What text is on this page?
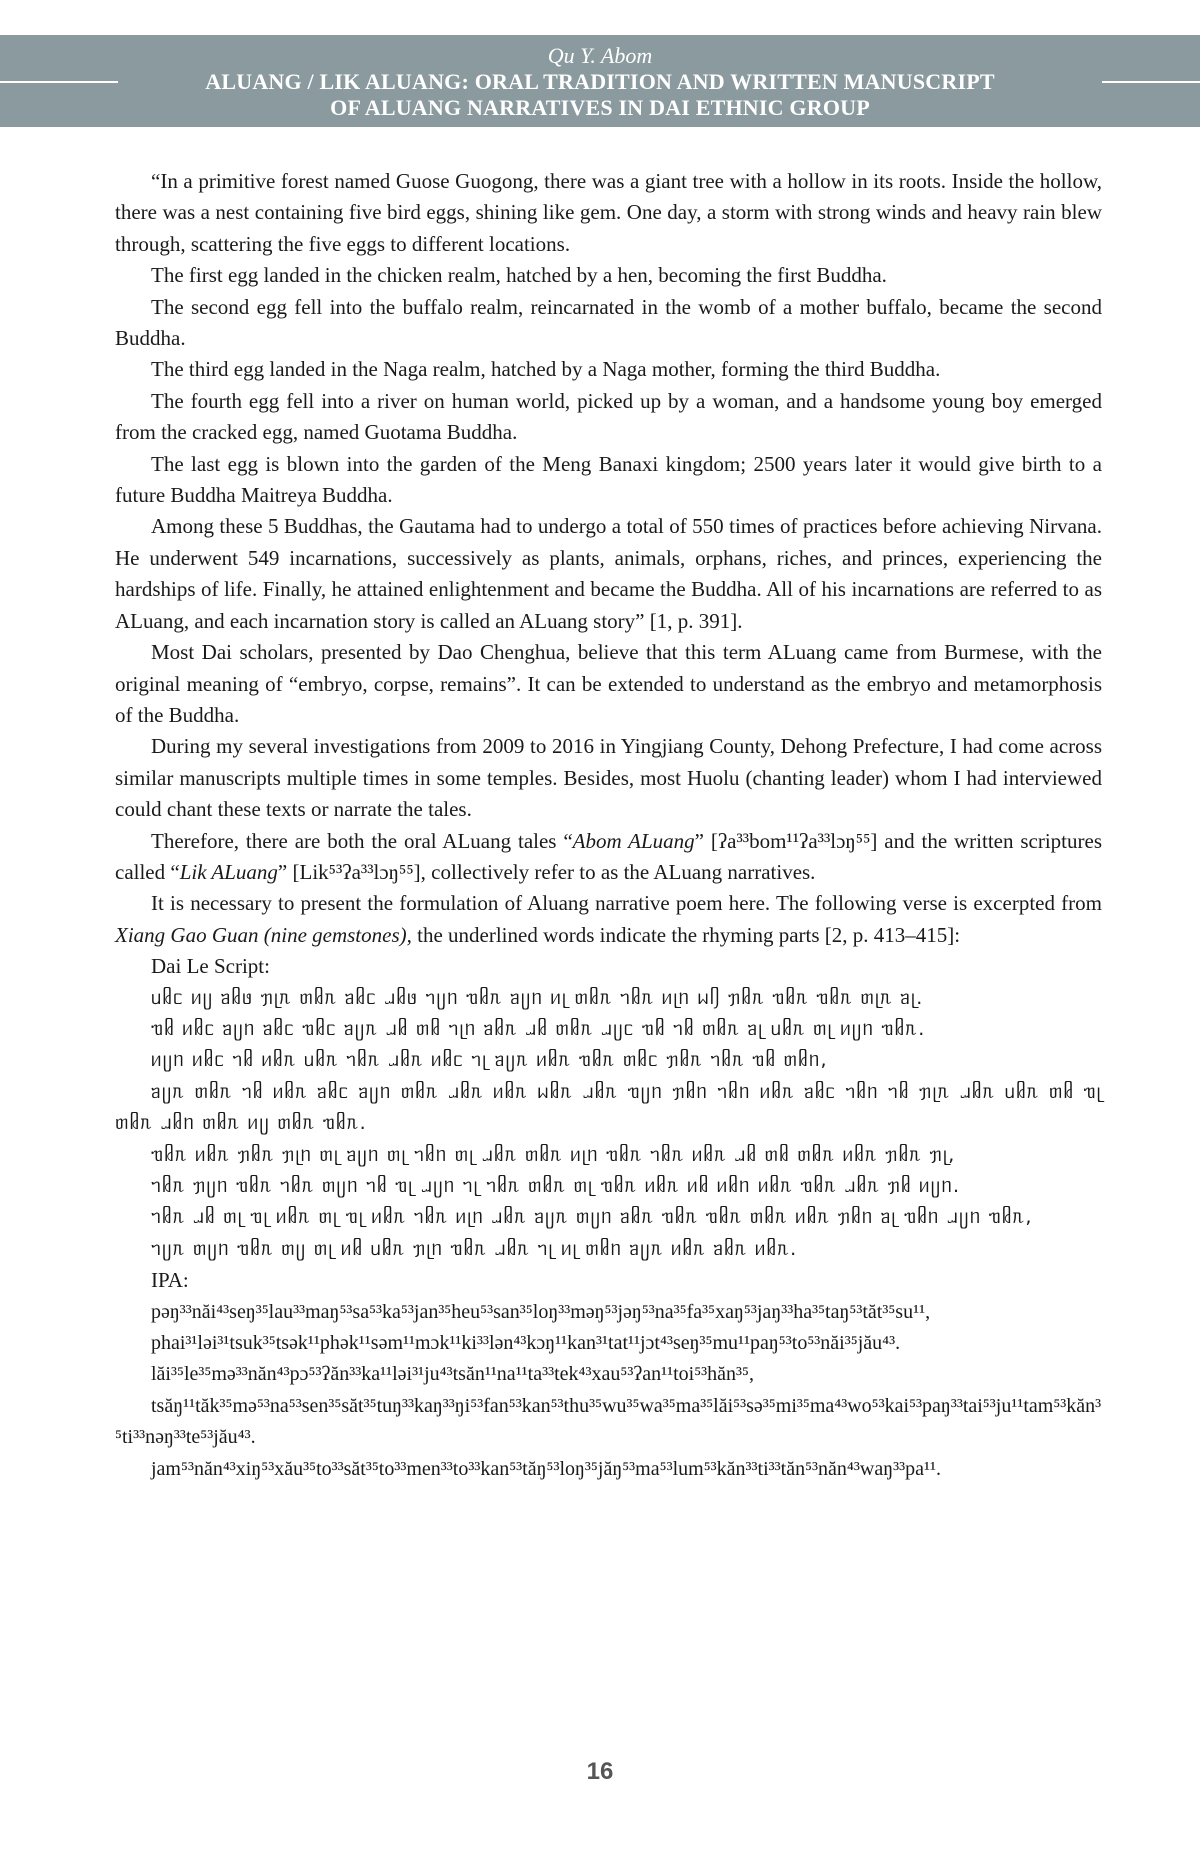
Qu Y. Abom
ALUANG / LIK ALUANG: ORAL TRADITION AND WRITTEN MANUSCRIPT
OF ALUANG NARRATIVES IN DAI ETHNIC GROUP

“In a primitive forest named Guose Guogong, there was a giant tree with a hollow in its roots. Inside the hollow, there was a nest containing five bird eggs, shining like gem. One day, a storm with strong winds and heavy rain blew through, scattering the five eggs to different locations.

The first egg landed in the chicken realm, hatched by a hen, becoming the first Buddha.

The second egg fell into the buffalo realm, reincarnated in the womb of a mother buffalo, became the second Buddha.

The third egg landed in the Naga realm, hatched by a Naga mother, forming the third Buddha.

The fourth egg fell into a river on human world, picked up by a woman, and a handsome young boy emerged from the cracked egg, named Guotama Buddha.

The last egg is blown into the garden of the Meng Banaxi kingdom; 2500 years later it would give birth to a future Buddha Maitreya Buddha.

Among these 5 Buddhas, the Gautama had to undergo a total of 550 times of practices before achieving Nirvana. He underwent 549 incarnations, successively as plants, animals, orphans, riches, and princes, experiencing the hardships of life. Finally, he attained enlightenment and became the Buddha. All of his incarnations are referred to as ALuang, and each incarnation story is called an ALuang story” [1, p. 391].

Most Dai scholars, presented by Dao Chenghua, believe that this term ALuang came from Burmese, with the original meaning of “embryo, corpse, remains”. It can be extended to understand as the embryo and metamorphosis of the Buddha.

During my several investigations from 2009 to 2016 in Yingjiang County, Dehong Prefecture, I had come across similar manuscripts multiple times in some temples. Besides, most Huolu (chanting leader) whom I had interviewed could chant these texts or narrate the tales.

Therefore, there are both the oral ALuang tales “Abom ALuang” [ʔa³³bom¹¹ʔa³³lɔŋ⁵⁵] and the written scriptures called “Lik ALuang” [Lik⁵³ʔa³³lɔŋ⁵⁵], collectively refer to as the ALuang narratives.

It is necessary to present the formulation of Aluang narrative poem here. The following verse is excerpted from Xiang Gao Guan (nine gemstones), the underlined words indicate the rhyming parts [2, p. 413–415]:

Dai Le Script:

ᥙᥤᥴ ᥢᥩ ᥑᥤᥳ ᥟᥨᥰ ᥖᥤᥰ ᥑᥤᥴ ᥘᥤᥳ ᥐᥩᥒ ᥓᥤᥰ ᥑᥩᥒ ᥢᥨ ᥖᥤᥰ ᥐᥤᥰ ᥢᥨᥒ ᥕᥦ ᥟᥤᥰ ᥓᥤᥰ ᥓᥤᥰ ᥖᥨᥰ ᥑᥨ.
ᥓᥤ ᥢᥤᥴ ᥑᥩᥒ ᥑᥤᥴ ᥓᥤᥴ ᥑᥩᥰ ᥘᥤ ᥖᥤ ᥐᥨᥒ ᥑᥤᥰ ᥘᥤ ᥖᥤᥰ ᥘᥩᥴ ᥓᥤ ᥐᥤ ᥖᥤᥰ ᥑᥨ ᥙᥤᥰ ᥖᥨ ᥢᥩᥒ ᥓᥤᥰ.
ᥢᥩᥒ ᥢᥤᥴ ᥐᥤ ᥢᥤᥰ ᥙᥤᥰ ᥐᥤᥰ ᥘᥤᥰ ᥢᥤᥴ ᥐᥨ ᥑᥩᥰ ᥢᥤᥰ ᥓᥤᥰ ᥖᥤᥴ ᥟᥤᥰ ᥐᥤᥰ ᥓᥤ ᥖᥤᥒ,
ᥑᥩᥰ ᥖᥤᥰ ᥐᥤ ᥢᥤᥰ ᥑᥤᥴ ᥑᥩᥒ ᥖᥤᥰ ᥘᥤᥰ ᥢᥤᥰ ᥕᥤᥰ ᥘᥤᥰ ᥓᥩᥒ ᥟᥤᥒ ᥐᥤᥒ ᥢᥤᥰ ᥑᥤᥴ ᥐᥤᥒ ᥐᥤ ᥟᥨᥰ ᥘᥤᥰ ᥙᥤᥰ ᥖᥤ ᥓᥨ ᥖᥤᥰ ᥘᥤᥒ ᥖᥤᥰ ᥢᥩ ᥖᥤᥰ ᥓᥤᥰ.
ᥓᥤᥰ ᥢᥤᥰ ᥟᥤᥰ ᥟᥨᥒ ᥖᥨ ᥑᥩᥒ ᥖᥨ ᥐᥤᥒ ᥖᥨ ᥘᥤᥰ ᥖᥤᥰ ᥢᥨᥒ ᥓᥤᥰ ᥐᥤᥰ ᥢᥤᥰ ᥘᥤ ᥖᥤ ᥖᥤᥰ ᥢᥤᥰ ᥟᥤᥰ ᥟᥨ,
ᥐᥤᥰ ᥟᥩᥒ ᥓᥤᥰ ᥐᥤᥰ ᥖᥩᥒ ᥐᥤ ᥓᥨ ᥘᥩᥒ ᥐᥨ ᥐᥤᥰ ᥖᥤᥰ ᥖᥨ ᥓᥤᥰ ᥢᥤᥰ ᥢᥤ ᥢᥤᥒ ᥢᥤᥰ ᥓᥤᥰ ᥘᥤᥰ ᥟᥤ ᥢᥩᥒ.
ᥐᥤᥰ ᥘᥤ ᥖᥨ ᥓᥨ ᥢᥤᥰ ᥖᥨ ᥓᥨ ᥢᥤᥰ ᥐᥤᥰ ᥢᥨᥒ ᥘᥤᥰ ᥑᥩᥰ ᥖᥩᥒ ᥑᥤᥰ ᥓᥤᥰ ᥓᥤᥰ ᥖᥤᥰ ᥢᥤᥰ ᥟᥤᥒ ᥑᥨ ᥓᥤᥒ ᥘᥩᥒ ᥓᥤᥰ,
ᥐᥩᥰ ᥖᥩᥒ ᥓᥤᥰ ᥖᥩ ᥖᥨ ᥢᥤ ᥙᥤᥰ ᥟᥨᥒ ᥓᥤᥰ ᥘᥤᥰ ᥐᥨ ᥢᥨ ᥖᥤᥒ ᥑᥩᥰ ᥢᥤᥰ ᥑᥤᥰ ᥢᥤᥰ.

IPA:

pəŋ³³năi⁴³seŋ³⁵lau³³maŋ⁵³sa⁵³ka⁵³jan³⁵heu⁵³san³⁵loŋ³³məŋ⁵³jəŋ⁵³na³⁵fa³⁵xaŋ⁵³jaŋ³³ha³⁵taŋ⁵³tăt³⁵su¹¹,
phai³¹ləi³¹tsuk³⁵tsək¹¹phək¹¹səm¹¹mɔk¹¹ki³³lən⁴³kɔŋ¹¹kan³¹tat¹¹jɔt⁴³seŋ³⁵mu¹¹paŋ⁵³to⁵³năi³⁵jău⁴³.
lăi³⁵le³⁵mə³³năn⁴³pɔ⁵³ʔăn³³ka¹¹ləi³¹ju⁴³tsăn¹¹na¹¹ta³³tek⁴³xau⁵³ʔan¹¹toi⁵³hăn³⁵,
tsăŋ¹¹tăk³⁵mə⁵³na⁵³sen³⁵săt³⁵tuŋ³³kaŋ³³ŋi⁵³fan⁵³kan⁵³thu³⁵wu³⁵wa³⁵ma³⁵lăi⁵³sə³⁵mi³⁵ma⁴³wo⁵³kai⁵³paŋ³³tai⁵³ju¹¹tam⁵³kăn³⁵ti³³nəŋ³³te⁵³jău⁴³.
jam⁵³năn⁴³xiŋ⁵³xău³⁵to³³săt³⁵to³³men³³to³³kan⁵³tăŋ⁵³loŋ³⁵jăŋ⁵³ma⁵³lum⁵³kăn³³ti³³tăn⁵³năn⁴³waŋ³³pa¹¹.
16
